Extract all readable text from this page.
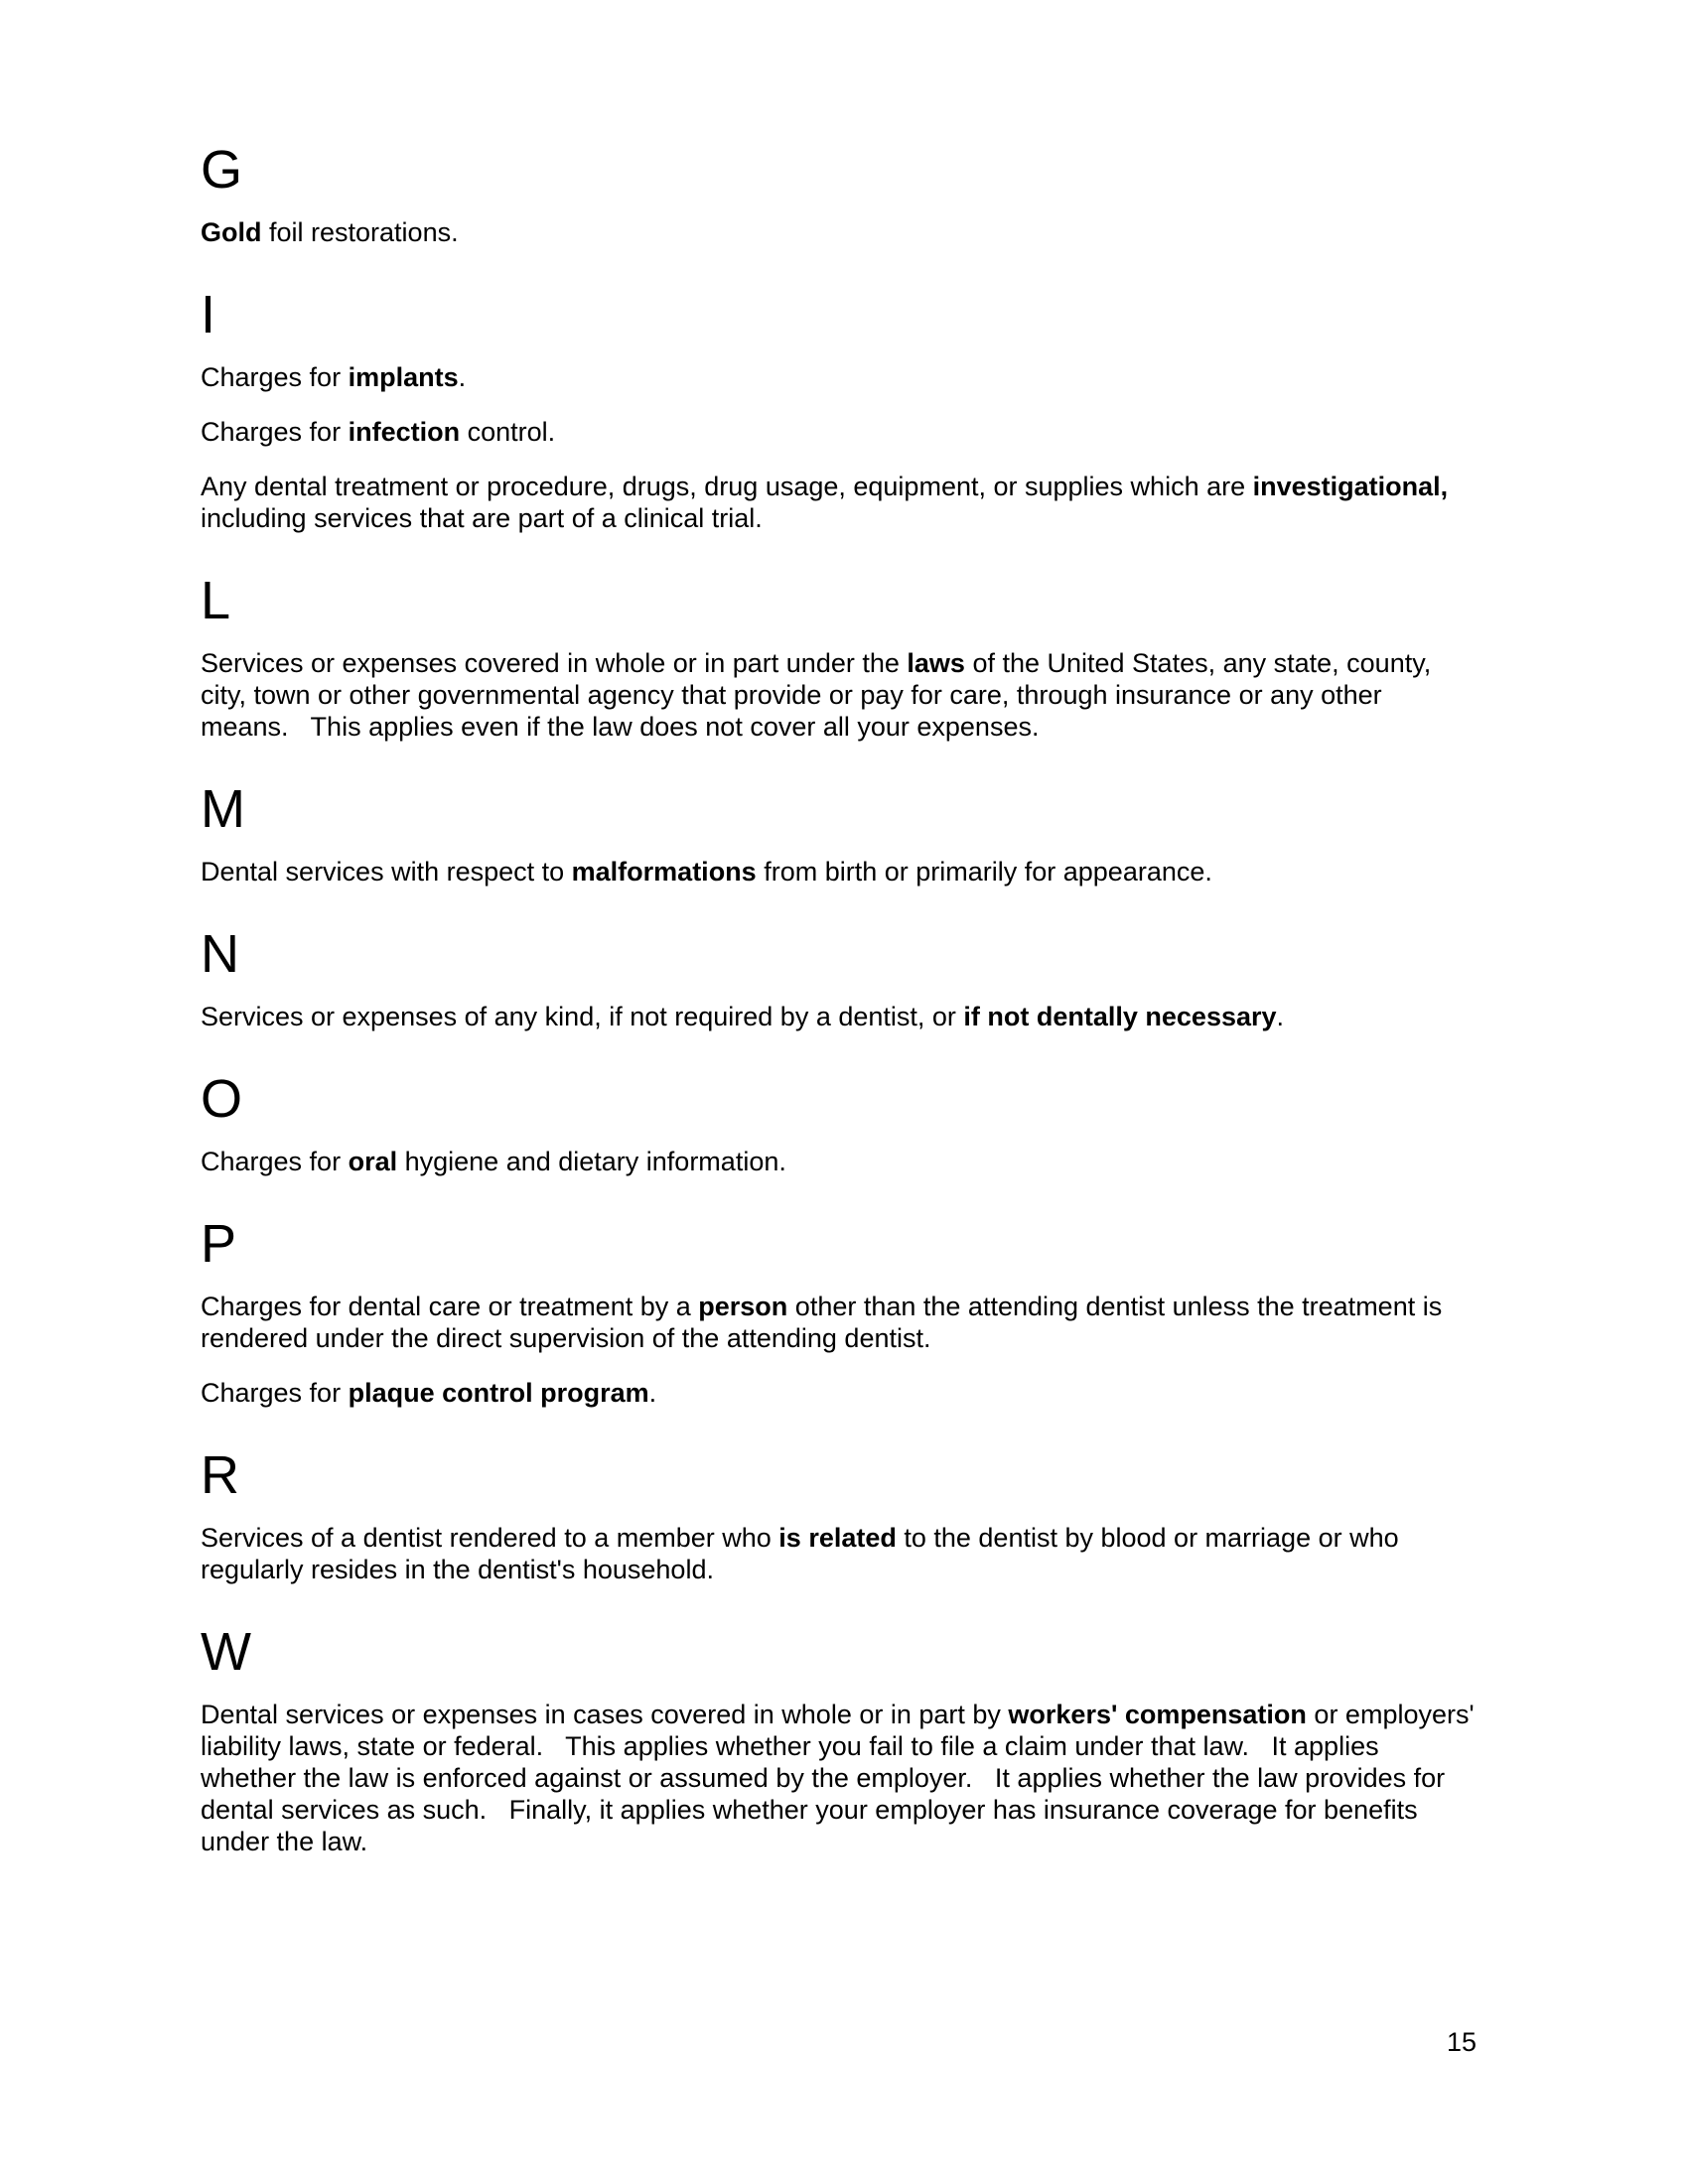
G

Gold foil restorations.

I

Charges for implants.

Charges for infection control.

Any dental treatment or procedure, drugs, drug usage, equipment, or supplies which are investigational, including services that are part of a clinical trial.

L

Services or expenses covered in whole or in part under the laws of the United States, any state, county, city, town or other governmental agency that provide or pay for care, through insurance or any other means.   This applies even if the law does not cover all your expenses.

M

Dental services with respect to malformations from birth or primarily for appearance.

N

Services or expenses of any kind, if not required by a dentist, or if not dentally necessary.

O

Charges for oral hygiene and dietary information.

P

Charges for dental care or treatment by a person other than the attending dentist unless the treatment is rendered under the direct supervision of the attending dentist.

Charges for plaque control program.

R

Services of a dentist rendered to a member who is related to the dentist by blood or marriage or who regularly resides in the dentist's household.

W

Dental services or expenses in cases covered in whole or in part by workers' compensation or employers' liability laws, state or federal.   This applies whether you fail to file a claim under that law.   It applies whether the law is enforced against or assumed by the employer.   It applies whether the law provides for dental services as such.   Finally, it applies whether your employer has insurance coverage for benefits under the law.

15
